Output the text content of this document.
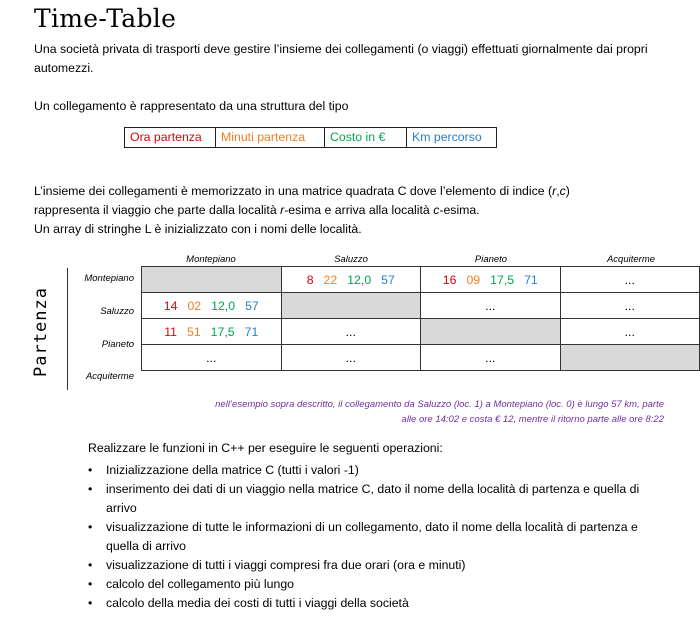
Time-Table
Una società privata di trasporti deve gestire l’insieme dei collegamenti (o viaggi) effettuati giornalmente dai propri automezzi.
Un collegamento è rappresentato da una struttura del tipo
Ora partenza	Minuti partenza	Costo in €	Km percorso
L’insieme dei collegamenti è memorizzato in una matrice quadrata C dove l’elemento di indice (r,c)
rappresenta il viaggio che parte dalla località r-esima e arriva alla località c-esima.
Un array di stringhe L è inizializzato con i nomi delle località.
Montepiano	Saluzzo	Pianeto	Acquiterme
Partenza
Montepiano
Saluzzo
Pianeto
Acquiterme
	8 22 12,0 57	16 09 17,5 71	...
14 02 12,0 57		...	...
11 51 17,5 71	...		...
...	...	...	
nell’esempio sopra descritto, il collegamento da Saluzzo (loc. 1) a Montepiano (loc. 0) è lungo 57 km, parte alle ore 14:02 e costa € 12, mentre il ritorno parte alle ore 8:22
Realizzare le funzioni in C++ per eseguire le seguenti operazioni:
• Inizializzazione della matrice C (tutti i valori -1)
• inserimento dei dati di un viaggio nella matrice C, dato il nome della località di partenza e quella di arrivo
• visualizzazione di tutte le informazioni di un collegamento, dato il nome della località di partenza e quella di arrivo
• visualizzazione di tutti i viaggi compresi fra due orari (ora e minuti)
• calcolo del collegamento più lungo
• calcolo della media dei costi di tutti i viaggi della società
